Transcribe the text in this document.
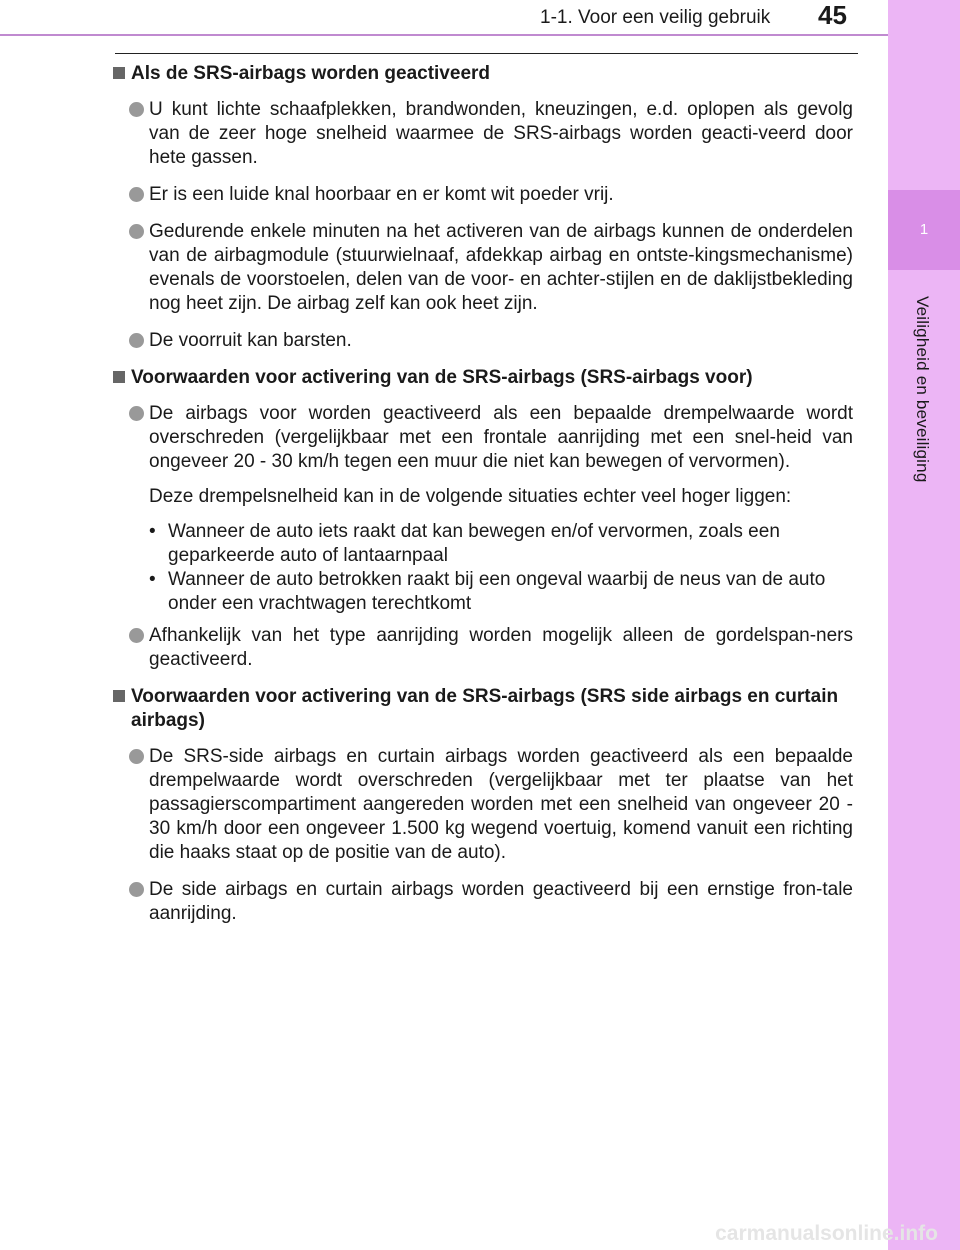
1-1. Voor een veilig gebruik 45
1
Veiligheid en beveiliging
Als de SRS-airbags worden geactiveerd
U kunt lichte schaafplekken, brandwonden, kneuzingen, e.d. oplopen als gevolg van de zeer hoge snelheid waarmee de SRS-airbags worden geacti-veerd door hete gassen.
Er is een luide knal hoorbaar en er komt wit poeder vrij.
Gedurende enkele minuten na het activeren van de airbags kunnen de onderdelen van de airbagmodule (stuurwielnaaf, afdekkap airbag en ontste-kingsmechanisme) evenals de voorstoelen, delen van de voor- en achter-stijlen en de daklijstbekleding nog heet zijn. De airbag zelf kan ook heet zijn.
De voorruit kan barsten.
Voorwaarden voor activering van de SRS-airbags (SRS-airbags voor)
De airbags voor worden geactiveerd als een bepaalde drempelwaarde wordt overschreden (vergelijkbaar met een frontale aanrijding met een snel-heid van ongeveer 20 - 30 km/h tegen een muur die niet kan bewegen of vervormen).
Deze drempelsnelheid kan in de volgende situaties echter veel hoger liggen:
• Wanneer de auto iets raakt dat kan bewegen en/of vervormen, zoals een geparkeerde auto of lantaarnpaal
• Wanneer de auto betrokken raakt bij een ongeval waarbij de neus van de auto onder een vrachtwagen terechtkomt
Afhankelijk van het type aanrijding worden mogelijk alleen de gordelspan-ners geactiveerd.
Voorwaarden voor activering van de SRS-airbags (SRS side airbags en curtain airbags)
De SRS-side airbags en curtain airbags worden geactiveerd als een bepaalde drempelwaarde wordt overschreden (vergelijkbaar met ter plaatse van het passagierscompartiment aangereden worden met een snelheid van ongeveer 20 - 30 km/h door een ongeveer 1.500 kg wegend voertuig, komend vanuit een richting die haaks staat op de positie van de auto).
De side airbags en curtain airbags worden geactiveerd bij een ernstige fron-tale aanrijding.
carmanualsonline.info
